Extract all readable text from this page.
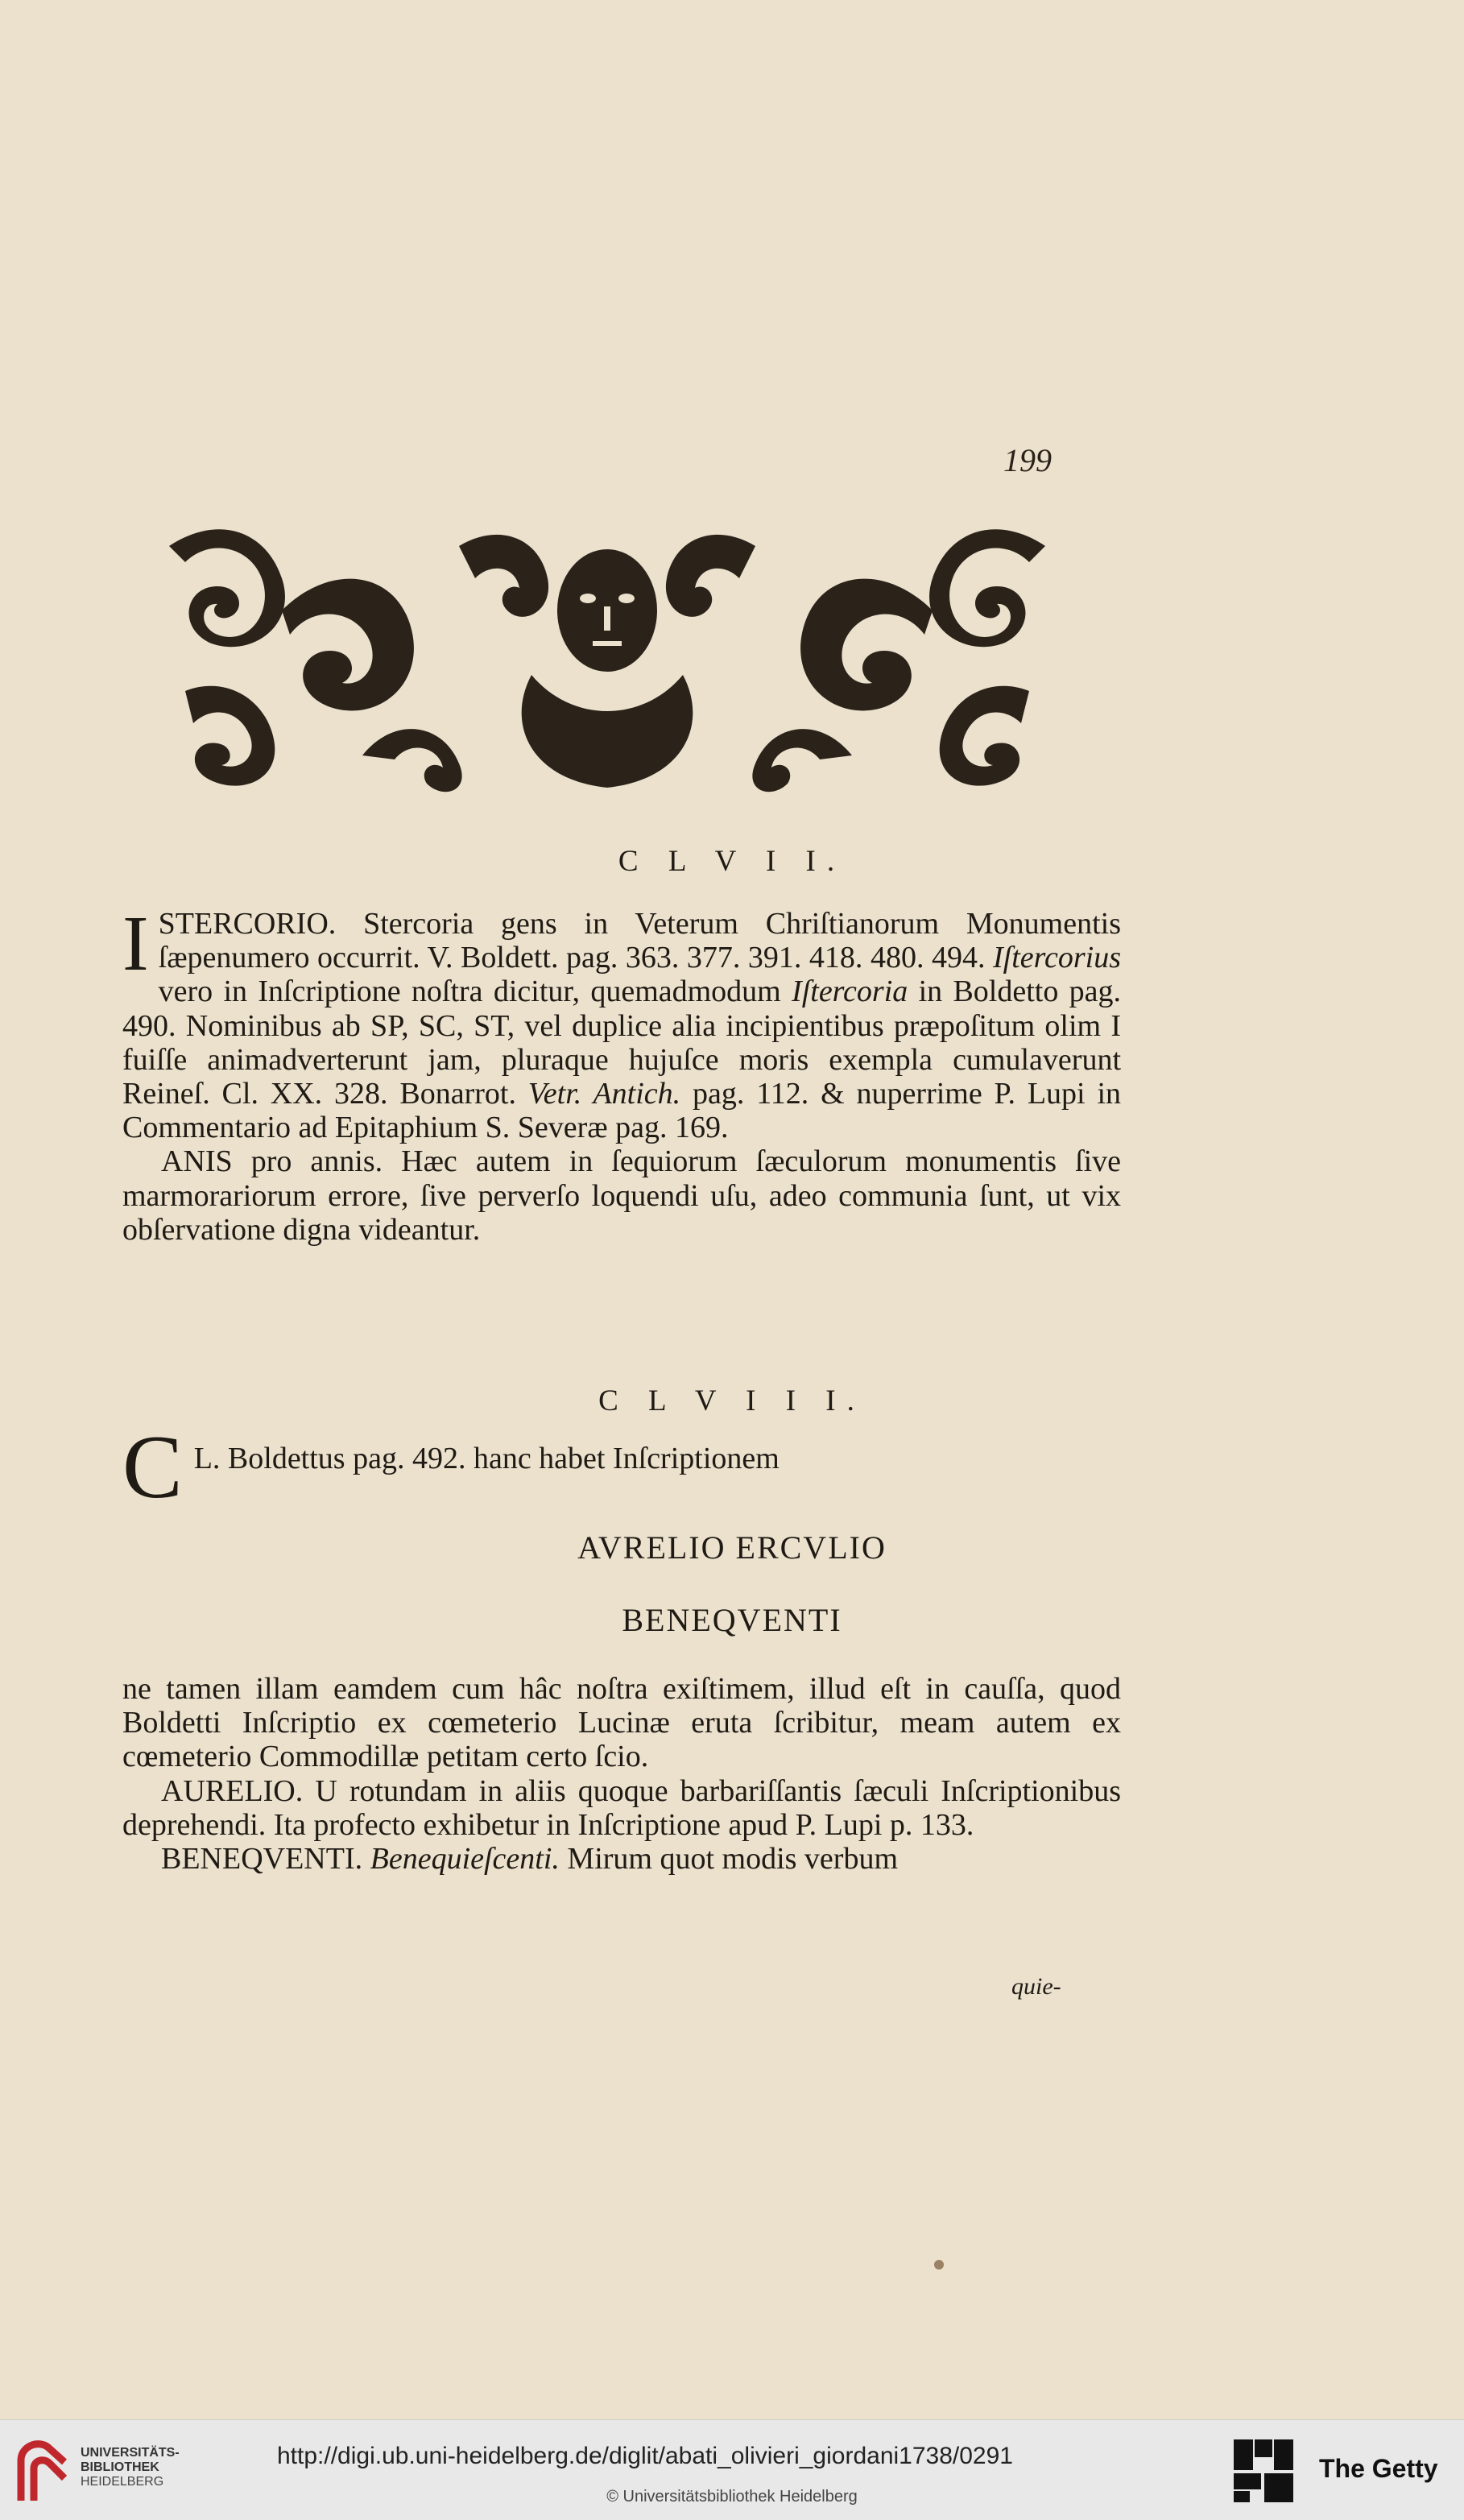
199
C L V I I.

ISTERCORIO. Stercoria gens in Veterum Chriſtianorum Monumentis ſæpenumero occurrit. V. Boldett. pag. 363. 377. 391. 418. 480. 494. Iſtercorius vero in Inſcriptione noſtra dicitur, quemadmodum Iſtercoria in Boldetto pag. 490. Nominibus ab SP, SC, ST, vel duplice alia incipientibus præpoſitum olim I fuiſſe animadverterunt jam, pluraque hujuſce moris exempla cumulaverunt Reineſ. Cl. XX. 328. Bonarrot. Vetr. Antich. pag. 112. & nuperrime P. Lupi in Commentario ad Epitaphium S. Severæ pag. 169.

ANIS pro annis. Hæc autem in ſequiorum ſæculorum monumentis ſive marmorariorum errore, ſive perverſo loquendi uſu, adeo communia ſunt, ut vix obſervatione digna videantur.

C L V I I I.

C L. Boldettus pag. 492. hanc habet Inſcriptionem

AVRELIO ERCVLIO
BENEQVENTI

ne tamen illam eamdem cum hâc noſtra exiſtimem, illud eſt in cauſſa, quod Boldetti Inſcriptio ex cœmeterio Lucinæ eruta ſcribitur, meam autem ex cœmeterio Commodillæ petitam certo ſcio.

AURELIO. U rotundam in aliis quoque barbariſſantis ſæculi Inſcriptionibus deprehendi. Ita profecto exhibetur in Inſcriptione apud P. Lupi p. 133.

BENEQVENTI. Benequieſcenti. Mirum quot modis verbum

quie-
UNIVERSITÄTS-
BIBLIOTHEK
HEIDELBERG
http://digi.ub.uni-heidelberg.de/diglit/abati_olivieri_giordani1738/0291
© Universitätsbibliothek Heidelberg
The Getty
